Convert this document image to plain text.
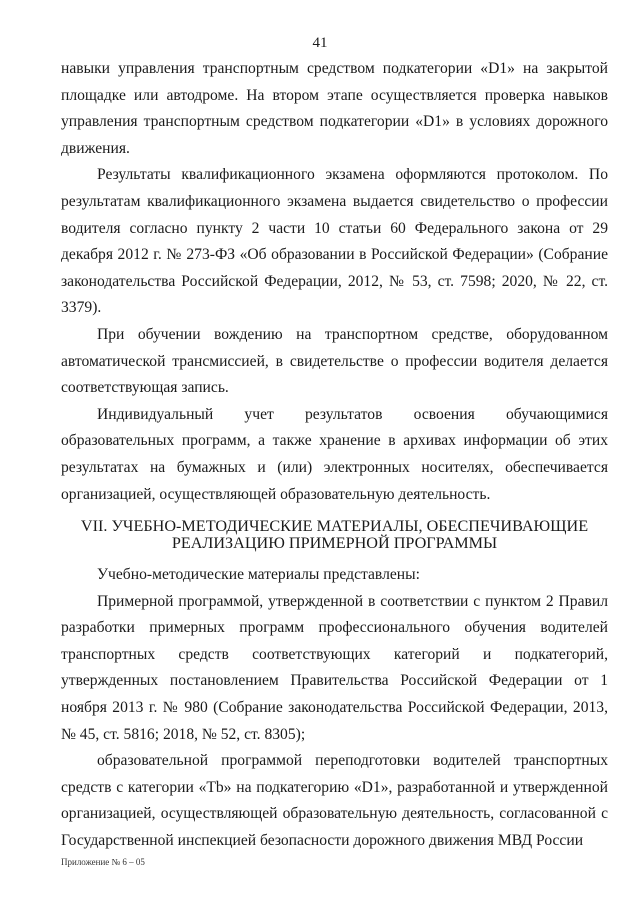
41

навыки управления транспортным средством подкатегории «D1» на закрытой площадке или автодроме. На втором этапе осуществляется проверка навыков управления транспортным средством подкатегории «D1» в условиях дорожного движения.

Результаты квалификационного экзамена оформляются протоколом. По результатам квалификационного экзамена выдается свидетельство о профессии водителя согласно пункту 2 части 10 статьи 60 Федерального закона от 29 декабря 2012 г. № 273-ФЗ «Об образовании в Российской Федерации» (Собрание законодательства Российской Федерации, 2012, № 53, ст. 7598; 2020, № 22, ст. 3379).

При обучении вождению на транспортном средстве, оборудованном автоматической трансмиссией, в свидетельстве о профессии водителя делается соответствующая запись.

Индивидуальный учет результатов освоения обучающимися образовательных программ, а также хранение в архивах информации об этих результатах на бумажных и (или) электронных носителях, обеспечивается организацией, осуществляющей образовательную деятельность.

VII. УЧЕБНО-МЕТОДИЧЕСКИЕ МАТЕРИАЛЫ, ОБЕСПЕЧИВАЮЩИЕ РЕАЛИЗАЦИЮ ПРИМЕРНОЙ ПРОГРАММЫ

Учебно-методические материалы представлены:

Примерной программой, утвержденной в соответствии с пунктом 2 Правил разработки примерных программ профессионального обучения водителей транспортных средств соответствующих категорий и подкатегорий, утвержденных постановлением Правительства Российской Федерации от 1 ноября 2013 г. № 980 (Собрание законодательства Российской Федерации, 2013, № 45, ст. 5816; 2018, № 52, ст. 8305);

образовательной программой переподготовки водителей транспортных средств с категории «Tb» на подкатегорию «D1», разработанной и утвержденной организацией, осуществляющей образовательную деятельность, согласованной с Государственной инспекцией безопасности дорожного движения МВД России

Приложение № 6 – 05
